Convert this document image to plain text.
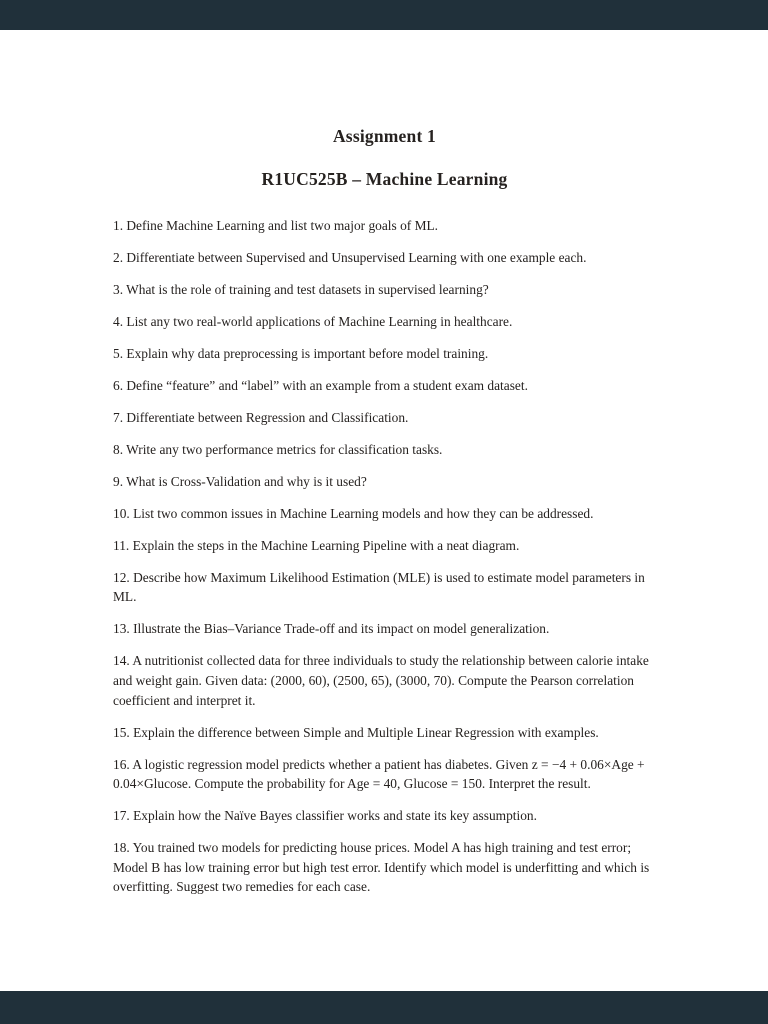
Assignment 1
R1UC525B – Machine Learning

1. Define Machine Learning and list two major goals of ML.

2. Differentiate between Supervised and Unsupervised Learning with one example each.

3. What is the role of training and test datasets in supervised learning?

4. List any two real-world applications of Machine Learning in healthcare.

5. Explain why data preprocessing is important before model training.

6. Define “feature” and “label” with an example from a student exam dataset.

7. Differentiate between Regression and Classification.

8. Write any two performance metrics for classification tasks.

9. What is Cross-Validation and why is it used?

10. List two common issues in Machine Learning models and how they can be addressed.

11. Explain the steps in the Machine Learning Pipeline with a neat diagram.

12. Describe how Maximum Likelihood Estimation (MLE) is used to estimate model parameters in ML.

13. Illustrate the Bias–Variance Trade-off and its impact on model generalization.

14. A nutritionist collected data for three individuals to study the relationship between calorie intake and weight gain. Given data: (2000, 60), (2500, 65), (3000, 70). Compute the Pearson correlation coefficient and interpret it.

15. Explain the difference between Simple and Multiple Linear Regression with examples.

16. A logistic regression model predicts whether a patient has diabetes. Given z = −4 + 0.06×Age + 0.04×Glucose. Compute the probability for Age = 40, Glucose = 150. Interpret the result.

17. Explain how the Naïve Bayes classifier works and state its key assumption.

18. You trained two models for predicting house prices. Model A has high training and test error; Model B has low training error but high test error. Identify which model is underfitting and which is overfitting. Suggest two remedies for each case.
